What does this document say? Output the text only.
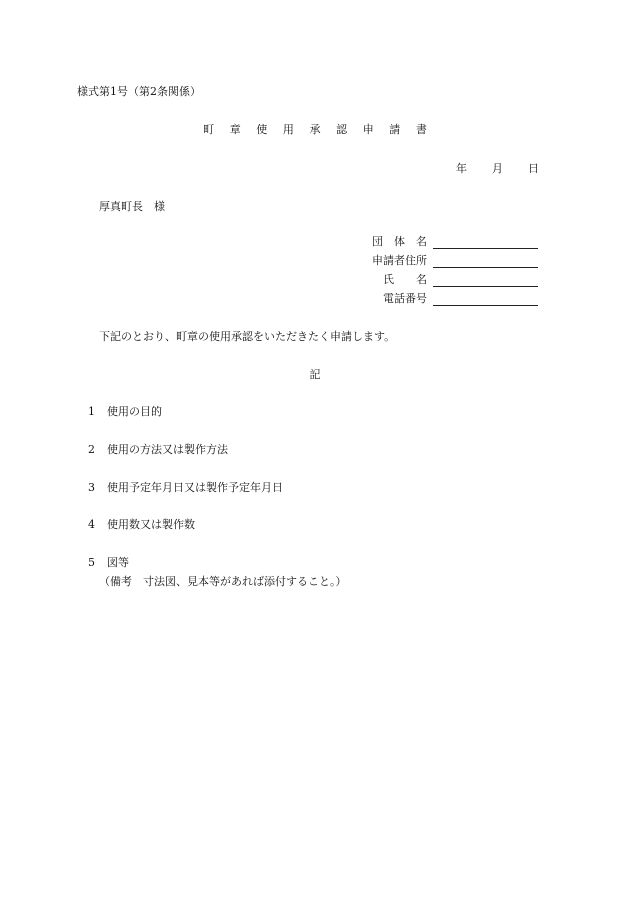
様式第1号（第2条関係）
町 章 使 用 承 認 申 請 書
年 月 日
厚真町長　様
団　体　名
申請者住所
　氏　　名
　電話番号
下記のとおり、町章の使用承認をいただきたく申請します。
記
1 使用の目的
2 使用の方法又は製作方法
3 使用予定年月日又は製作予定年月日
4 使用数又は製作数
5 図等
（備考　寸法図、見本等があれば添付すること。）
